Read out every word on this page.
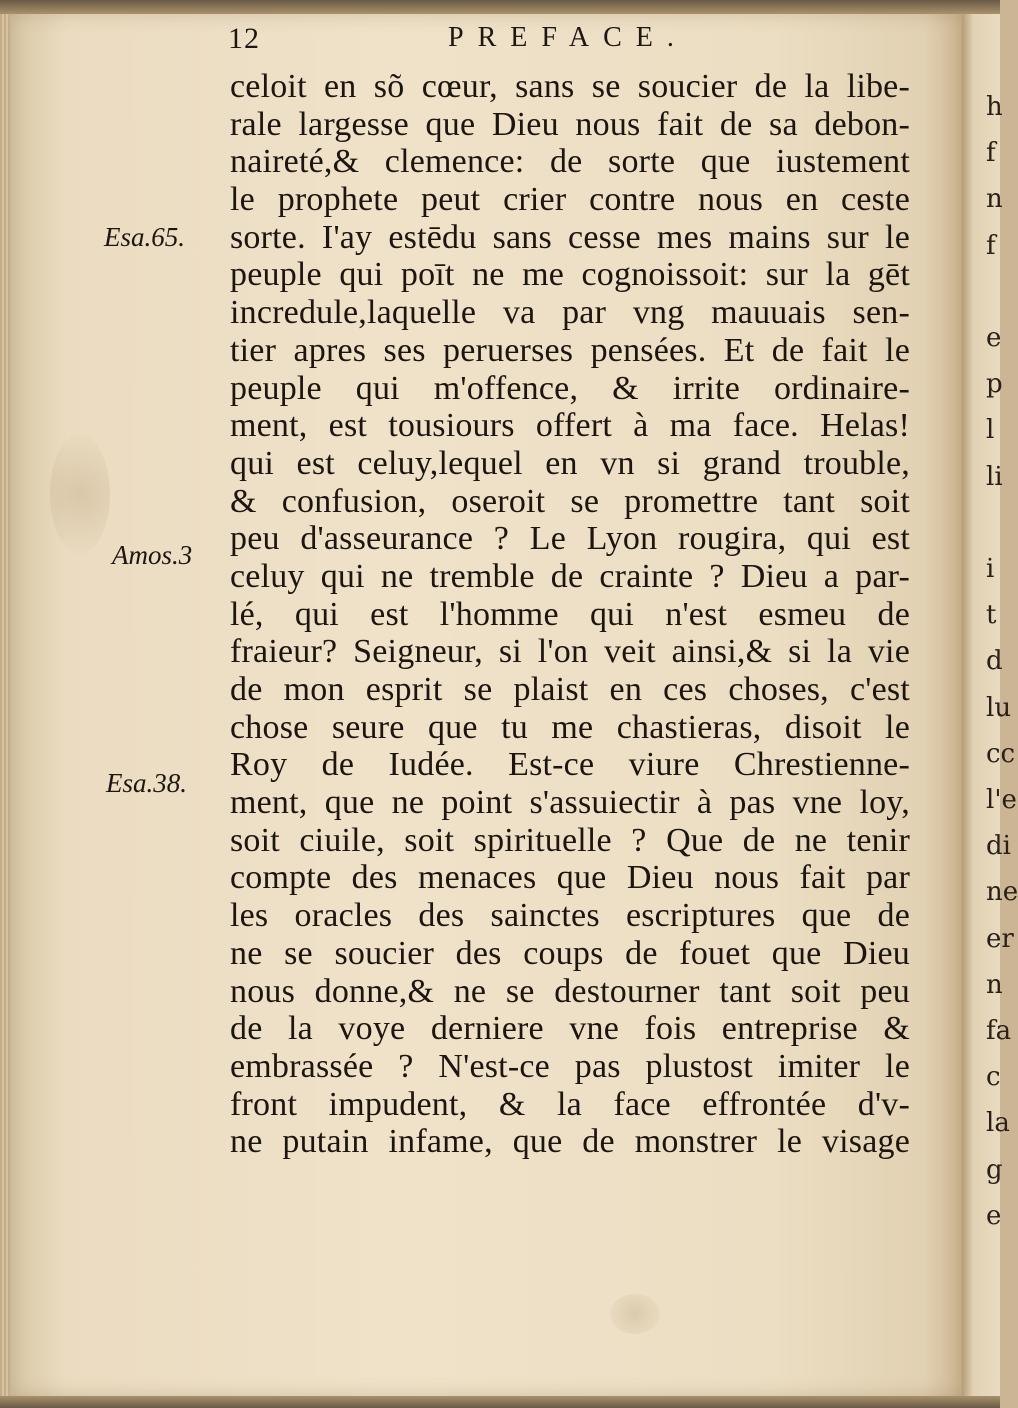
12	PREFACE.
Esa.65.
Amos.3
Esa.38.
celoit en sõ cœur, sans se soucier de la libe-
rale largesse que Dieu nous fait de sa debon-
naireté,& clemence: de sorte que iustement
le prophete peut crier contre nous en ceste
sorte. I'ay estēdu sans cesse mes mains sur le
peuple qui poīt ne me cognoissoit: sur la gēt
incredule,laquelle va par vng mauuais sen-
tier apres ses peruerses pensées. Et de fait le
peuple qui m'offence, & irrite ordinaire-
ment, est tousiours offert à ma face. Helas!
qui est celuy,lequel en vn si grand trouble,
& confusion, oseroit se promettre tant soit
peu d'asseurance ? Le Lyon rougira, qui est
celuy qui ne tremble de crainte ? Dieu a par-
lé, qui est l'homme qui n'est esmeu de
fraieur? Seigneur, si l'on veit ainsi,& si la vie
de mon esprit se plaist en ces choses, c'est
chose seure que tu me chastieras, disoit le
Roy de Iudée. Est-ce viure Chrestienne-
ment, que ne point s'assuiectir à pas vne loy,
soit ciuile, soit spirituelle ? Que de ne tenir
compte des menaces que Dieu nous fait par
les oracles des sainctes escriptures que de
ne se soucier des coups de fouet que Dieu
nous donne,& ne se destourner tant soit peu
de la voye derniere vne fois entreprise &
embrassée ? N'est-ce pas plustost imiter le
front impudent, & la face effrontée d'v-
ne putain infame, que de monstrer le visage
h
f
n
f

e
p
l
li

i
t
d
lu
cc
l'e
di
ne
er
n
fa
c
la
g
e
